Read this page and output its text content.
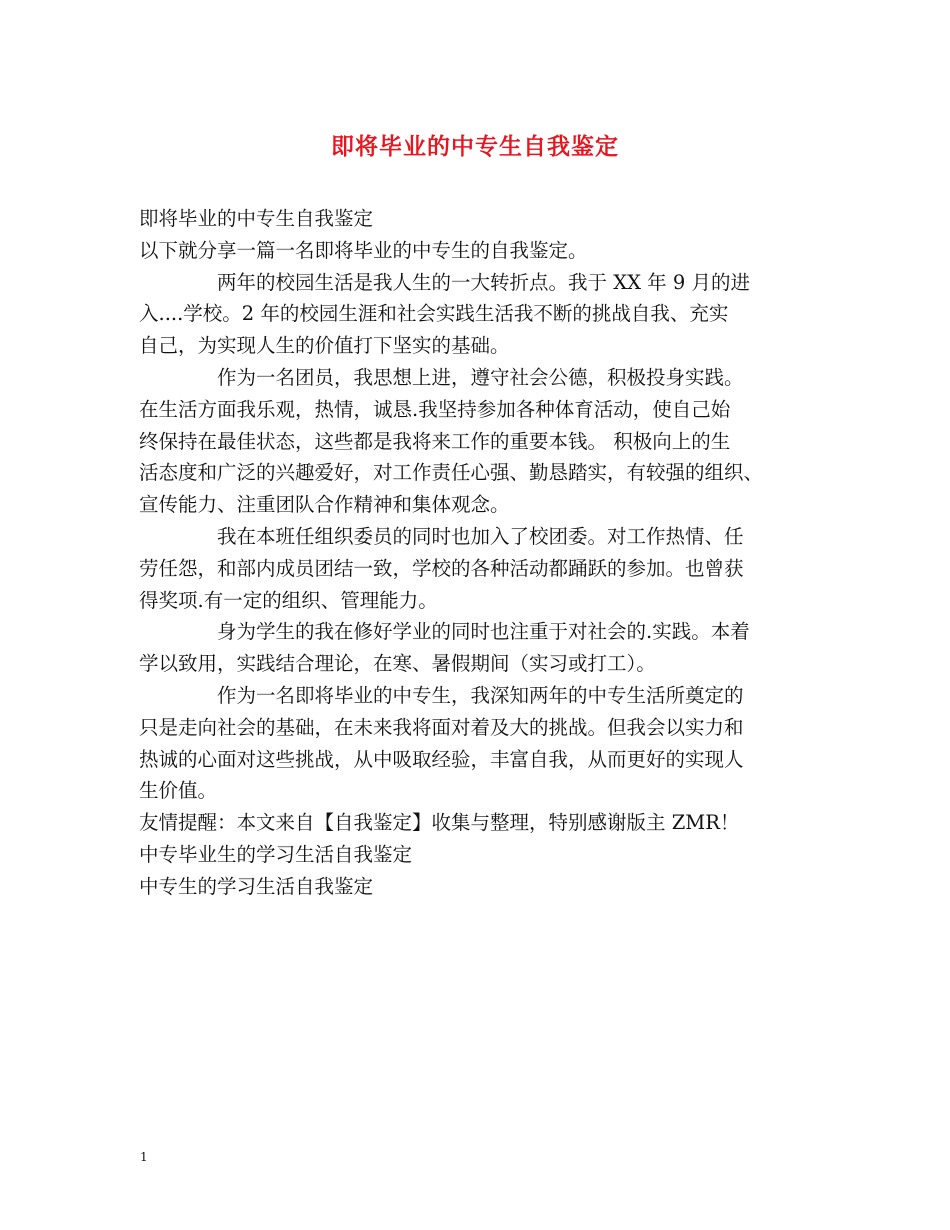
即将毕业的中专生自我鉴定
即将毕业的中专生自我鉴定
以下就分享一篇一名即将毕业的中专生的自我鉴定。
两年的校园生活是我人生的一大转折点。我于 XX 年 9 月的进
入....学校。2 年的校园生涯和社会实践生活我不断的挑战自我、充实
自己，为实现人生的价值打下坚实的基础。
作为一名团员，我思想上进，遵守社会公德，积极投身实践。
在生活方面我乐观，热情，诚恳.我坚持参加各种体育活动，使自己始
终保持在最佳状态，这些都是我将来工作的重要本钱。 积极向上的生
活态度和广泛的兴趣爱好，对工作责任心强、勤恳踏实，有较强的组织、
宣传能力、注重团队合作精神和集体观念。
我在本班任组织委员的同时也加入了校团委。对工作热情、任
劳任怨，和部内成员团结一致，学校的各种活动都踊跃的参加。也曾获
得奖项.有一定的组织、管理能力。
身为学生的我在修好学业的同时也注重于对社会的.实践。本着
学以致用，实践结合理论，在寒、暑假期间（实习或打工）。
作为一名即将毕业的中专生，我深知两年的中专生活所奠定的
只是走向社会的基础，在未来我将面对着及大的挑战。但我会以实力和
热诚的心面对这些挑战，从中吸取经验，丰富自我，从而更好的实现人
生价值。
友情提醒：本文来自【自我鉴定】收集与整理，特别感谢版主 ZMR！
中专毕业生的学习生活自我鉴定
中专生的学习生活自我鉴定
1
